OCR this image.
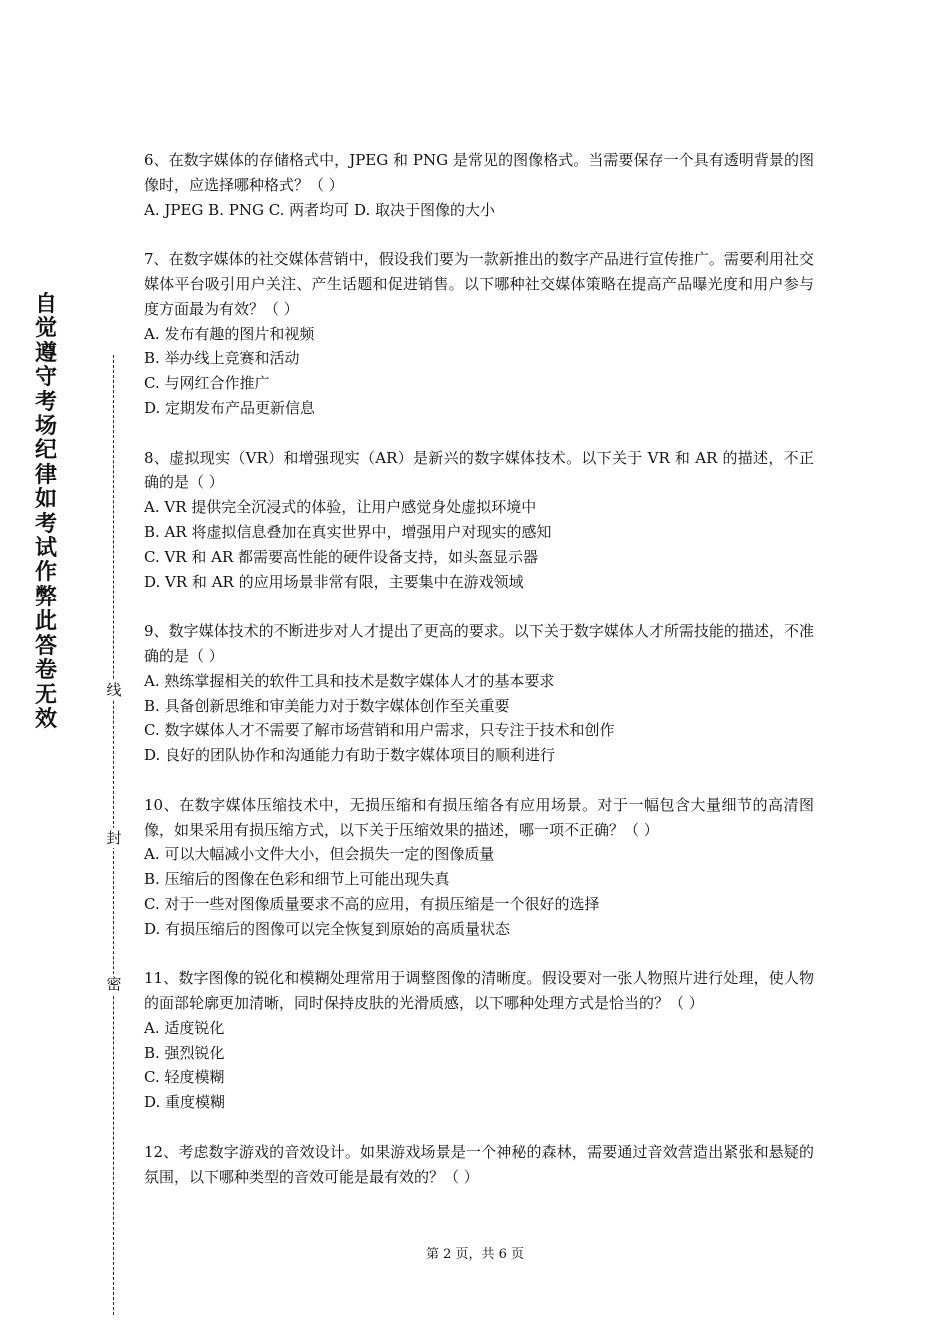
自觉遵守考场纪律如考试作弊此答卷无效
线
封
密

6、在数字媒体的存储格式中，JPEG 和 PNG 是常见的图像格式。当需要保存一个具有透明背景的图像时，应选择哪种格式？（ ）

A. JPEG B. PNG C. 两者均可 D. 取决于图像的大小

7、在数字媒体的社交媒体营销中，假设我们要为一款新推出的数字产品进行宣传推广。需要利用社交媒体平台吸引用户关注、产生话题和促进销售。以下哪种社交媒体策略在提高产品曝光度和用户参与度方面最为有效？（ ）

A. 发布有趣的图片和视频

B. 举办线上竞赛和活动

C. 与网红合作推广

D. 定期发布产品更新信息

8、虚拟现实（VR）和增强现实（AR）是新兴的数字媒体技术。以下关于 VR 和 AR 的描述，不正确的是（ ）

A. VR 提供完全沉浸式的体验，让用户感觉身处虚拟环境中

B. AR 将虚拟信息叠加在真实世界中，增强用户对现实的感知

C. VR 和 AR 都需要高性能的硬件设备支持，如头盔显示器

D. VR 和 AR 的应用场景非常有限，主要集中在游戏领域

9、数字媒体技术的不断进步对人才提出了更高的要求。以下关于数字媒体人才所需技能的描述，不准确的是（ ）

A. 熟练掌握相关的软件工具和技术是数字媒体人才的基本要求

B. 具备创新思维和审美能力对于数字媒体创作至关重要

C. 数字媒体人才不需要了解市场营销和用户需求，只专注于技术和创作

D. 良好的团队协作和沟通能力有助于数字媒体项目的顺利进行

10、在数字媒体压缩技术中，无损压缩和有损压缩各有应用场景。对于一幅包含大量细节的高清图像，如果采用有损压缩方式，以下关于压缩效果的描述，哪一项不正确？（ ）

A. 可以大幅减小文件大小，但会损失一定的图像质量

B. 压缩后的图像在色彩和细节上可能出现失真

C. 对于一些对图像质量要求不高的应用，有损压缩是一个很好的选择

D. 有损压缩后的图像可以完全恢复到原始的高质量状态

11、数字图像的锐化和模糊处理常用于调整图像的清晰度。假设要对一张人物照片进行处理，使人物的面部轮廓更加清晰，同时保持皮肤的光滑质感，以下哪种处理方式是恰当的？（ ）

A. 适度锐化

B. 强烈锐化

C. 轻度模糊

D. 重度模糊

12、考虑数字游戏的音效设计。如果游戏场景是一个神秘的森林，需要通过音效营造出紧张和悬疑的氛围，以下哪种类型的音效可能是最有效的？（ ）

第 2 页，共 6 页
